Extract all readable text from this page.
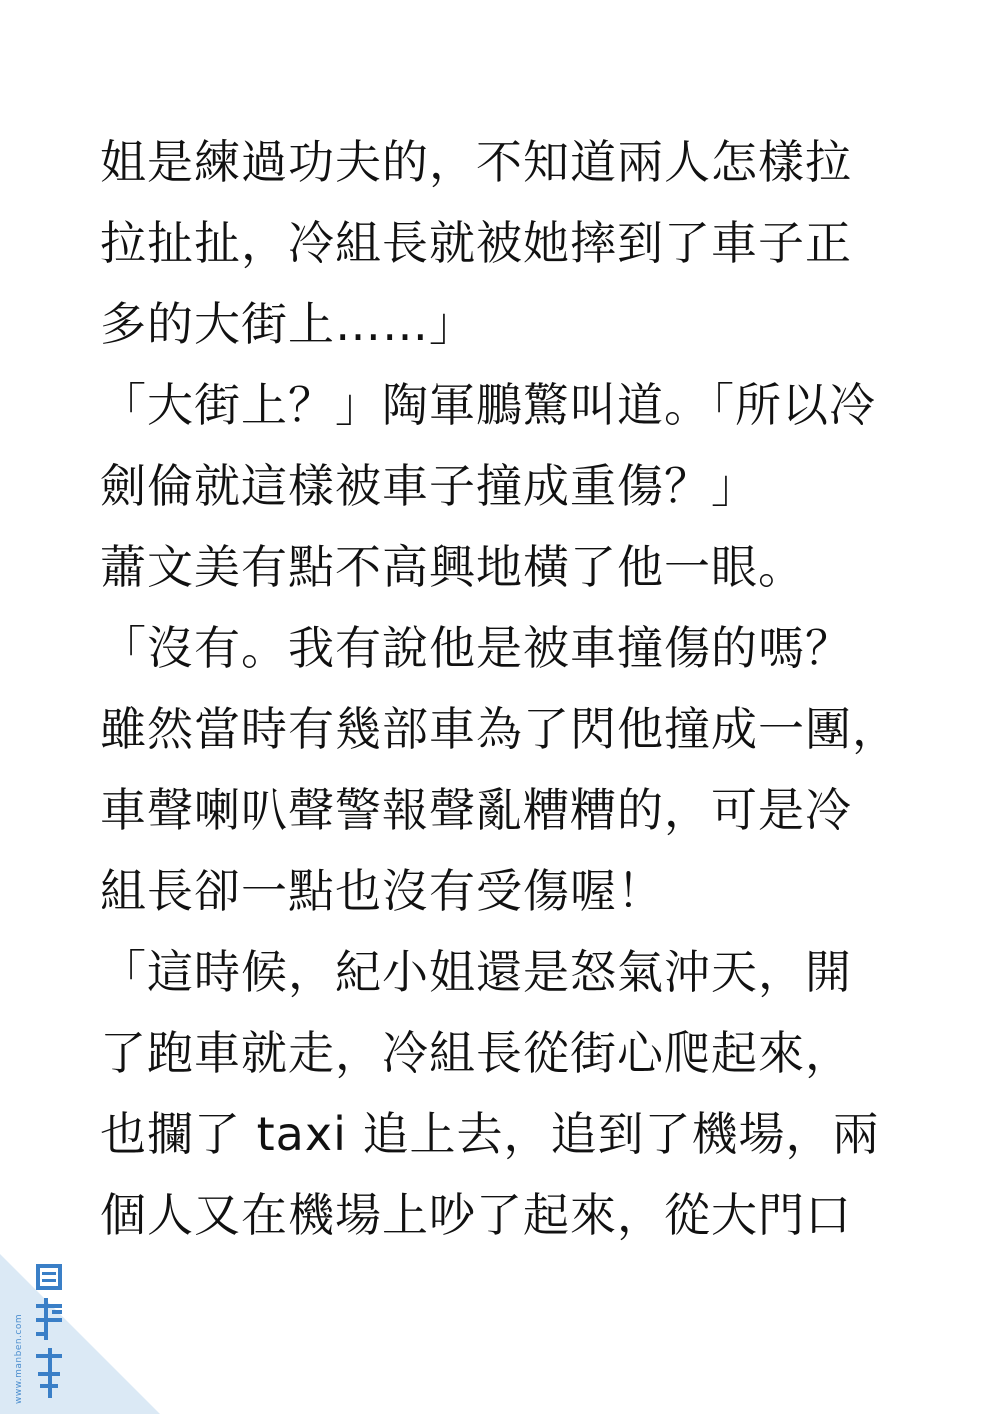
姐是練過功夫的，不知道兩人怎樣拉
拉扯扯，冷組長就被她摔到了車子正
多的大街上……」
「大街上？」陶軍鵬驚叫道。「所以冷
劍倫就這樣被車子撞成重傷？」
蕭文美有點不高興地橫了他一眼。
「沒有。我有說他是被車撞傷的嗎？
雖然當時有幾部車為了閃他撞成一團，
車聲喇叭聲警報聲亂糟糟的，可是冷
組長卻一點也沒有受傷喔！
「這時候，紀小姐還是怒氣沖天，開
了跑車就走，冷組長從街心爬起來，
也攔了 taxi 追上去，追到了機場，兩
個人又在機場上吵了起來，從大門口
www.manben.com
